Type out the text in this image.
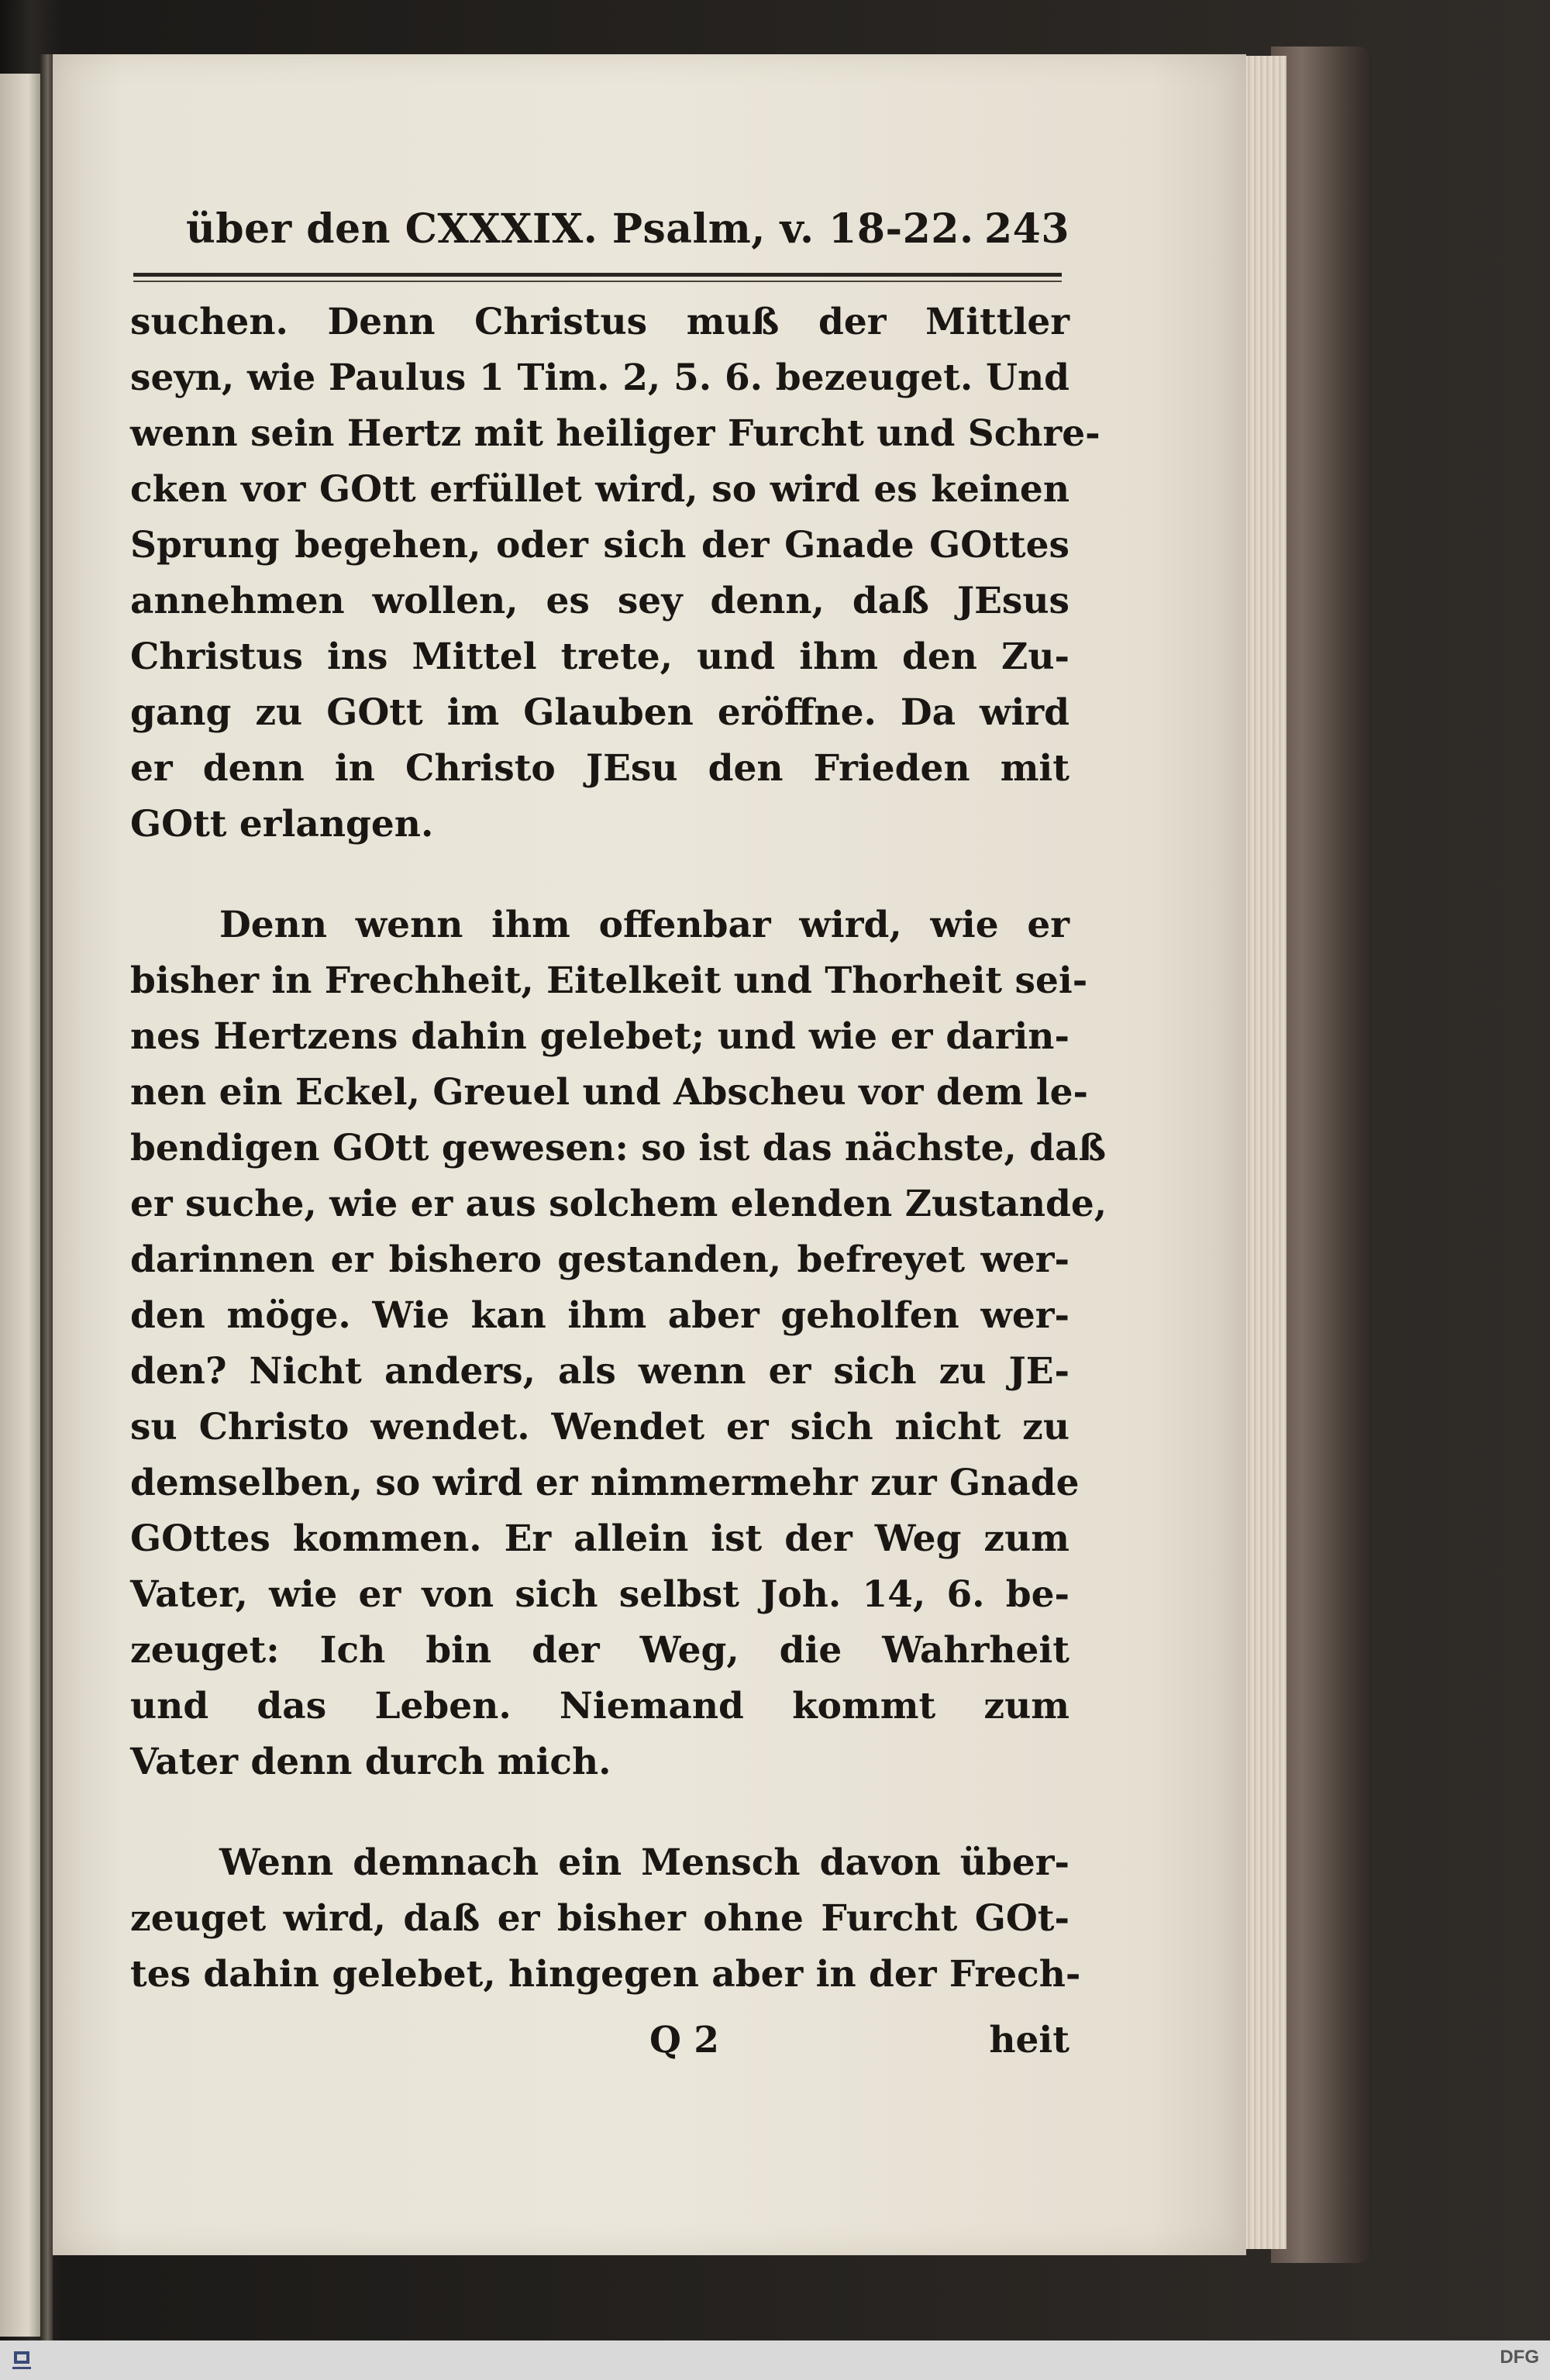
über den CXXXIX. Psalm, v. 18-22. 243
suchen. Denn Christus muß der Mittler
seyn, wie Paulus 1 Tim. 2, 5. 6. bezeuget. Und
wenn sein Hertz mit heiliger Furcht und Schre-
cken vor GOtt erfüllet wird, so wird es keinen
Sprung begehen, oder sich der Gnade GOttes
annehmen wollen, es sey denn, daß JEsus
Christus ins Mittel trete, und ihm den Zu-
gang zu GOtt im Glauben eröffne. Da wird
er denn in Christo JEsu den Frieden mit
GOtt erlangen.
Denn wenn ihm offenbar wird, wie er
bisher in Frechheit, Eitelkeit und Thorheit sei-
nes Hertzens dahin gelebet; und wie er darin-
nen ein Eckel, Greuel und Abscheu vor dem le-
bendigen GOtt gewesen: so ist das nächste, daß
er suche, wie er aus solchem elenden Zustande,
darinnen er bishero gestanden, befreyet wer-
den möge. Wie kan ihm aber geholfen wer-
den? Nicht anders, als wenn er sich zu JE-
su Christo wendet. Wendet er sich nicht zu
demselben, so wird er nimmermehr zur Gnade
GOttes kommen. Er allein ist der Weg zum
Vater, wie er von sich selbst Joh. 14, 6. be-
zeuget: Ich bin der Weg, die Wahrheit
und das Leben. Niemand kommt zum
Vater denn durch mich.
Wenn demnach ein Mensch davon über-
zeuget wird, daß er bisher ohne Furcht GOt-
tes dahin gelebet, hingegen aber in der Frech-
Q 2	heit
DFG
